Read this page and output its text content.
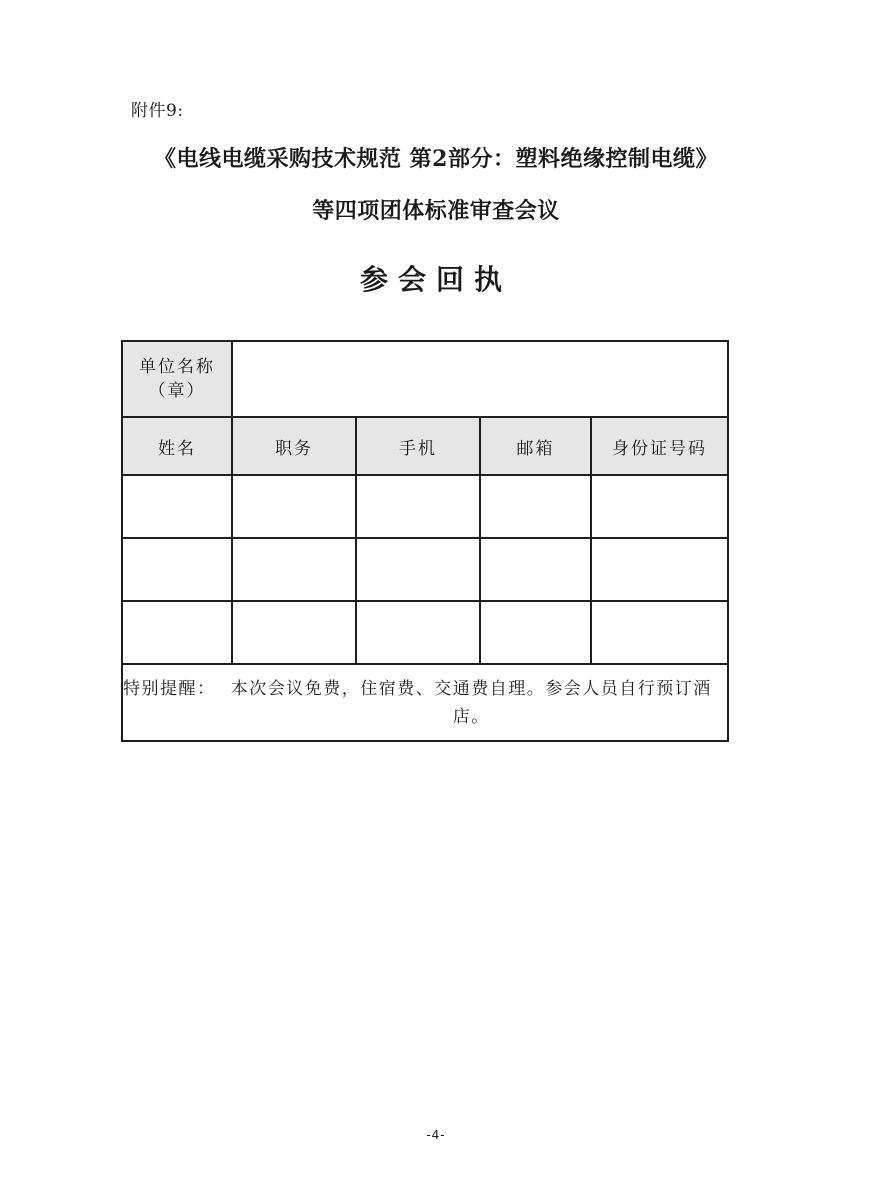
附件9:
《电线电缆采购技术规范 第2部分：塑料绝缘控制电缆》
等四项团体标准审查会议
参会回执
单位名称
（章）				

姓名	职务	手机	邮箱	身份证号码

特别提醒： 本次会议免费，住宿费、交通费自理。参会人员自行预订酒店。				
-4-
